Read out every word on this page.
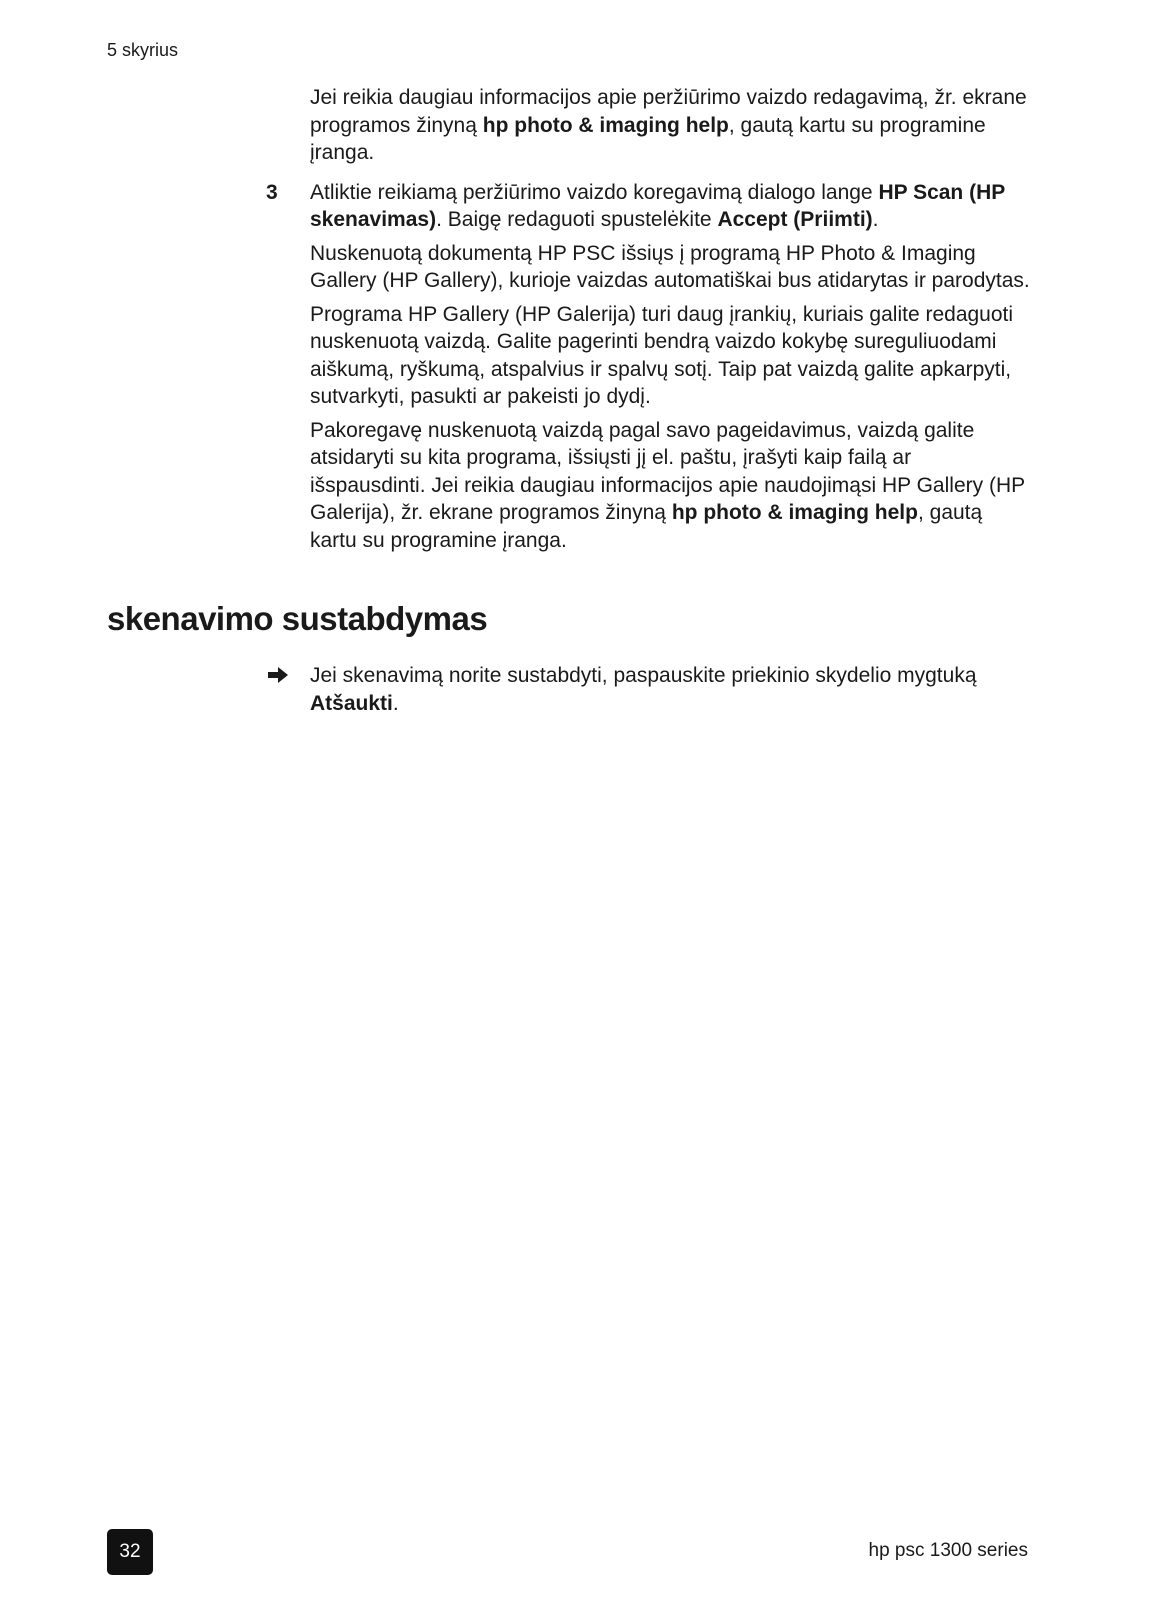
5 skyrius

Jei reikia daugiau informacijos apie peržiūrimo vaizdo redagavimą, žr. ekrane programos žinyną hp photo & imaging help, gautą kartu su programine įranga.

3 Atliktie reikiamą peržiūrimo vaizdo koregavimą dialogo lange HP Scan (HP skenavimas). Baigę redaguoti spustelėkite Accept (Priimti).

Nuskenuotą dokumentą HP PSC išsiųs į programą HP Photo & Imaging Gallery (HP Gallery), kurioje vaizdas automatiškai bus atidarytas ir parodytas.

Programa HP Gallery (HP Galerija) turi daug įrankių, kuriais galite redaguoti nuskenuotą vaizdą. Galite pagerinti bendrą vaizdo kokybę sureguliuodami aiškumą, ryškumą, atspalvius ir spalvų sotį. Taip pat vaizdą galite apkarpyti, sutvarkyti, pasukti ar pakeisti jo dydį.

Pakoregavę nuskenuotą vaizdą pagal savo pageidavimus, vaizdą galite atsidaryti su kita programa, išsiųsti jį el. paštu, įrašyti kaip failą ar išspausdinti. Jei reikia daugiau informacijos apie naudojimąsi HP Gallery (HP Galerija), žr. ekrane programos žinyną hp photo & imaging help, gautą kartu su programine įranga.

skenavimo sustabdymas

Jei skenavimą norite sustabdyti, paspauskite priekinio skydelio mygtuką Atšaukti.

32	hp psc 1300 series
